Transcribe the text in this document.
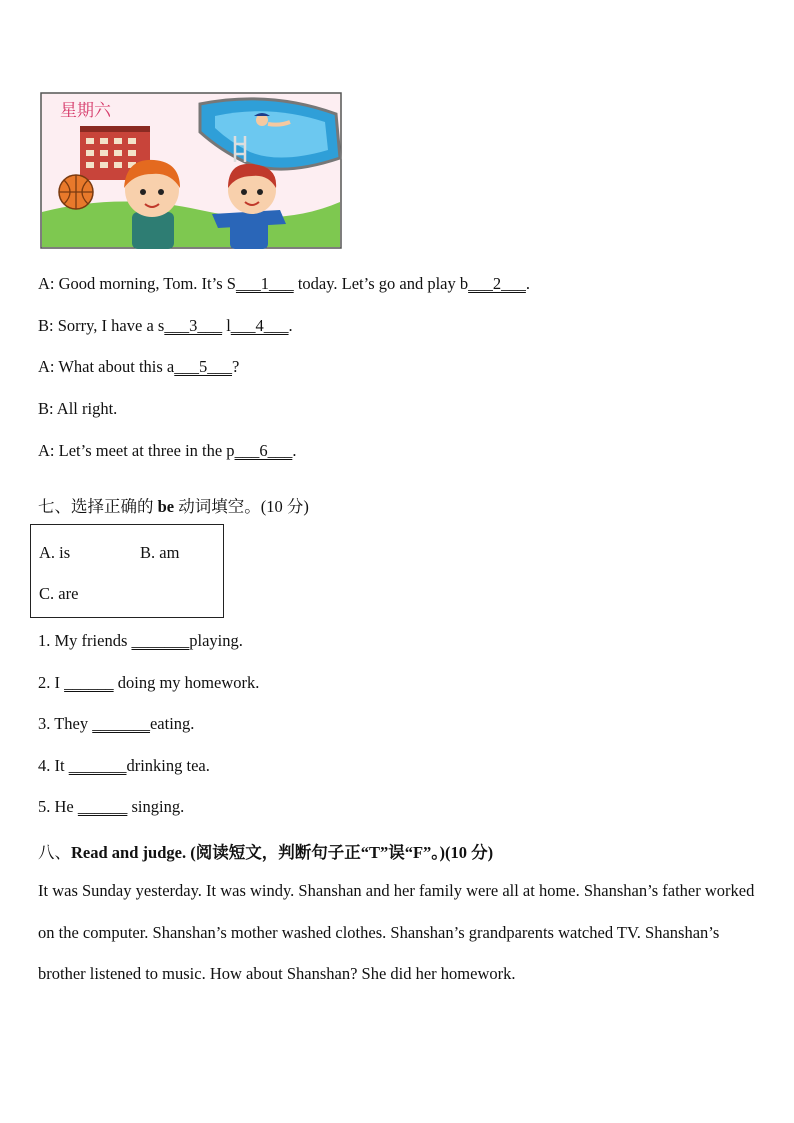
星期六
A: Good morning, Tom. It’s S___1___ today. Let’s go and play b___2___.
B: Sorry, I have a s___3___ l___4___.
A: What about this a___5___?
B: All right.
A: Let’s meet at three in the p___6___.
七、选择正确的 be 动词填空。(10 分)
A. is	B. am
C. are
1. My friends _______playing.
2. I ______ doing my homework.
3. They _______eating.
4. It _______drinking tea.
5. He ______ singing.
八、Read and judge. (阅读短文，判断句子正“T”误“F”。)(10 分)
It was Sunday yesterday. It was windy. Shanshan and her family were all at home. Shanshan’s father worked on the computer. Shanshan’s mother washed clothes. Shanshan’s grandparents watched TV. Shanshan’s brother listened to music. How about Shanshan? She did her homework.
